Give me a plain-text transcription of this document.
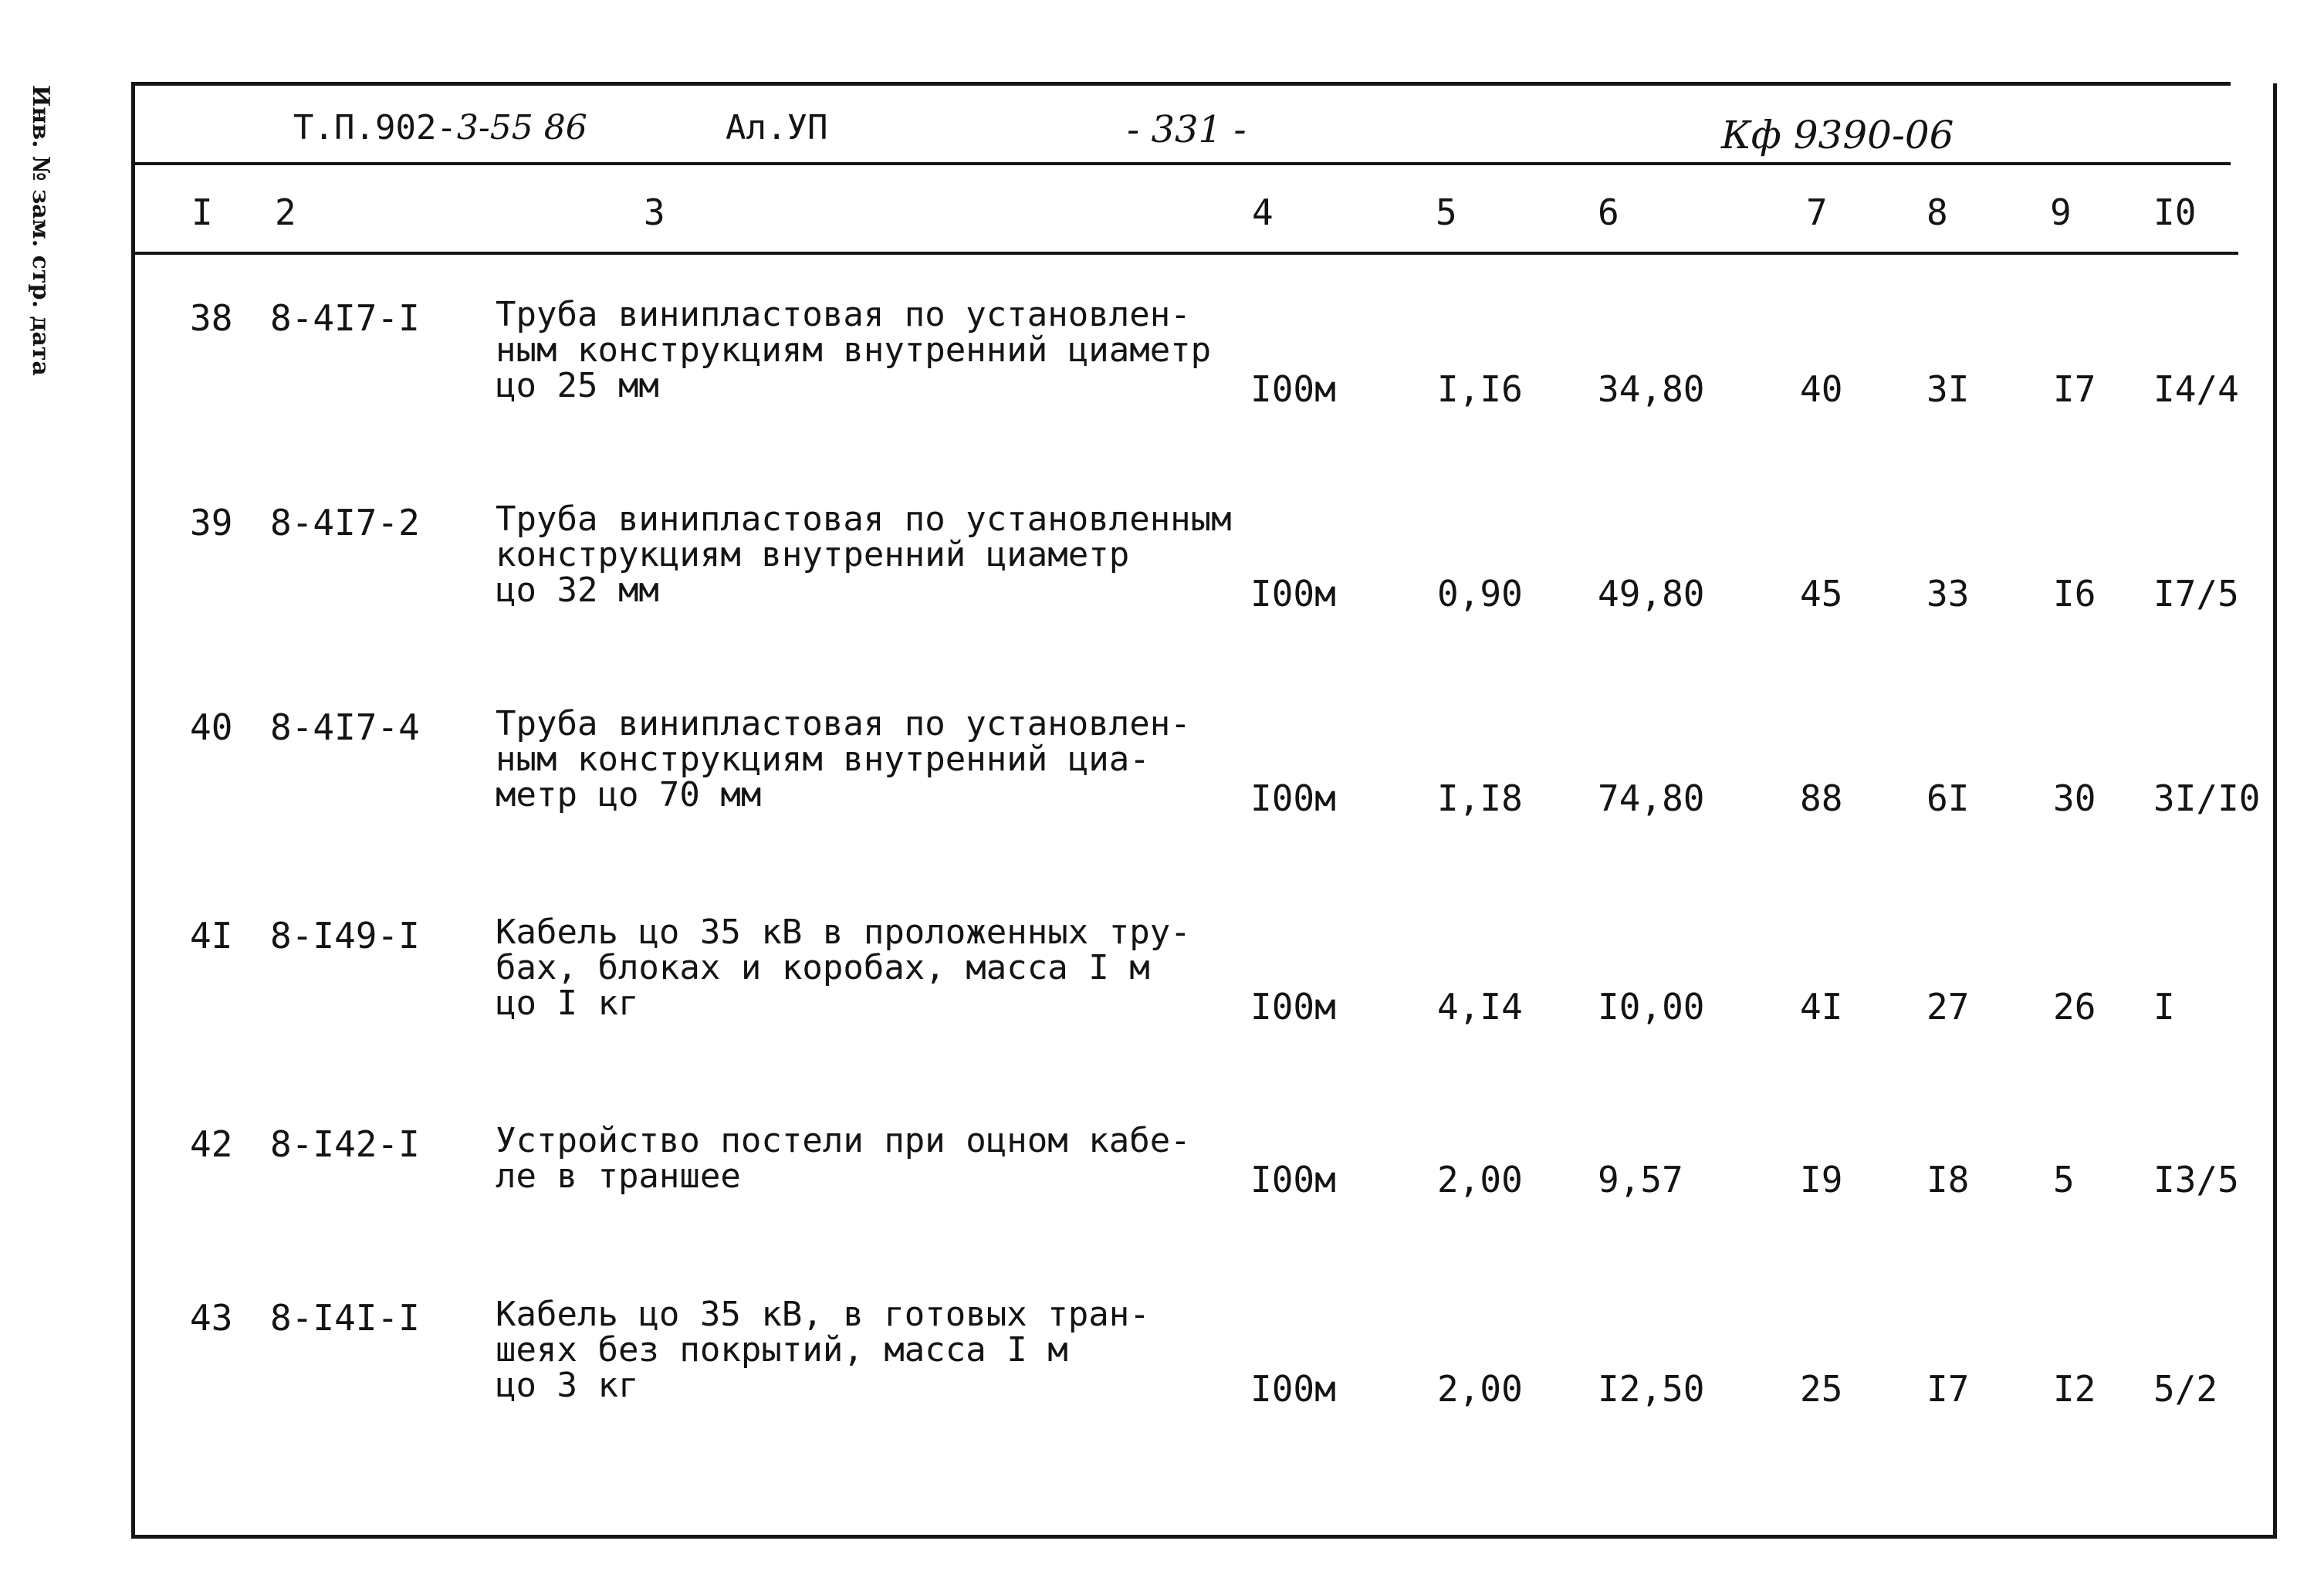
Инв. № зам. стр. дата	Т.П.902-3-55 86	Ал.УП	- 331 -	Кф 9390-06
I 2	3	4	5	6	7	8	9 I0
38 8-4I7-I Труба винипластовая по установлен-
ным конструкциям внутренний циаметр
цо 25 мм	I00м	I,I6 34,80	40 3I I7 I4/4
39 8-4I7-2 Труба винипластовая по установленным
конструкциям внутренний циаметр
цо 32 мм	I00м	0,90 49,80	45 33 I6 I7/5
40 8-4I7-4 Труба винипластовая по установлен-
ным конструкциям внутренний циа-
метр цо 70 мм	I00м	I,I8 74,80	88 6I 30 3I/I0
4I 8-I49-I Кабель цо 35 кВ в проложенных тру-
бах, блоках и коробах, масса I м
цо I кг	I00м	4,I4 I0,00	4I 27 26 I
42 8-I42-I Устройство постели при оцном кабе-
ле в траншее	I00м	2,00 9,57	I9 I8 5 I3/5
43 8-I4I-I Кабель цо 35 кВ, в готовых тран-
шеях без покрытий, масса I м
цо 3 кг	I00м	2,00 I2,50	25 I7 I2 5/2
